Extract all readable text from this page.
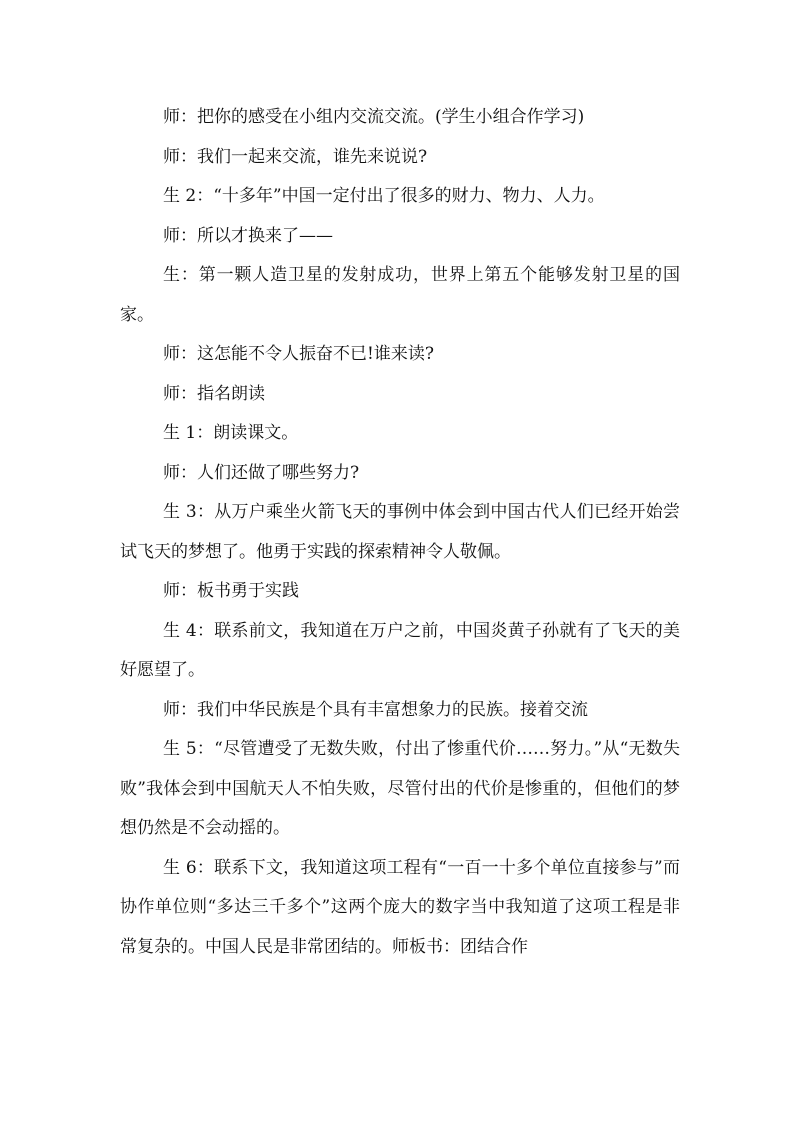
师：把你的感受在小组内交流交流。(学生小组合作学习)

师：我们一起来交流，谁先来说说?

生 2：“十多年”中国一定付出了很多的财力、物力、人力。

师：所以才换来了——

生：第一颗人造卫星的发射成功，世界上第五个能够发射卫星的国家。

师：这怎能不令人振奋不已!谁来读?

师：指名朗读

生 1：朗读课文。

师：人们还做了哪些努力?

生 3：从万户乘坐火箭飞天的事例中体会到中国古代人们已经开始尝试飞天的梦想了。他勇于实践的探索精神令人敬佩。

师：板书勇于实践

生 4：联系前文，我知道在万户之前，中国炎黄子孙就有了飞天的美好愿望了。

师：我们中华民族是个具有丰富想象力的民族。接着交流

生 5：“尽管遭受了无数失败，付出了惨重代价……努力。”从“无数失败”我体会到中国航天人不怕失败，尽管付出的代价是惨重的，但他们的梦想仍然是不会动摇的。

生 6：联系下文，我知道这项工程有“一百一十多个单位直接参与”而协作单位则“多达三千多个”这两个庞大的数字当中我知道了这项工程是非常复杂的。中国人民是非常团结的。师板书：团结合作
